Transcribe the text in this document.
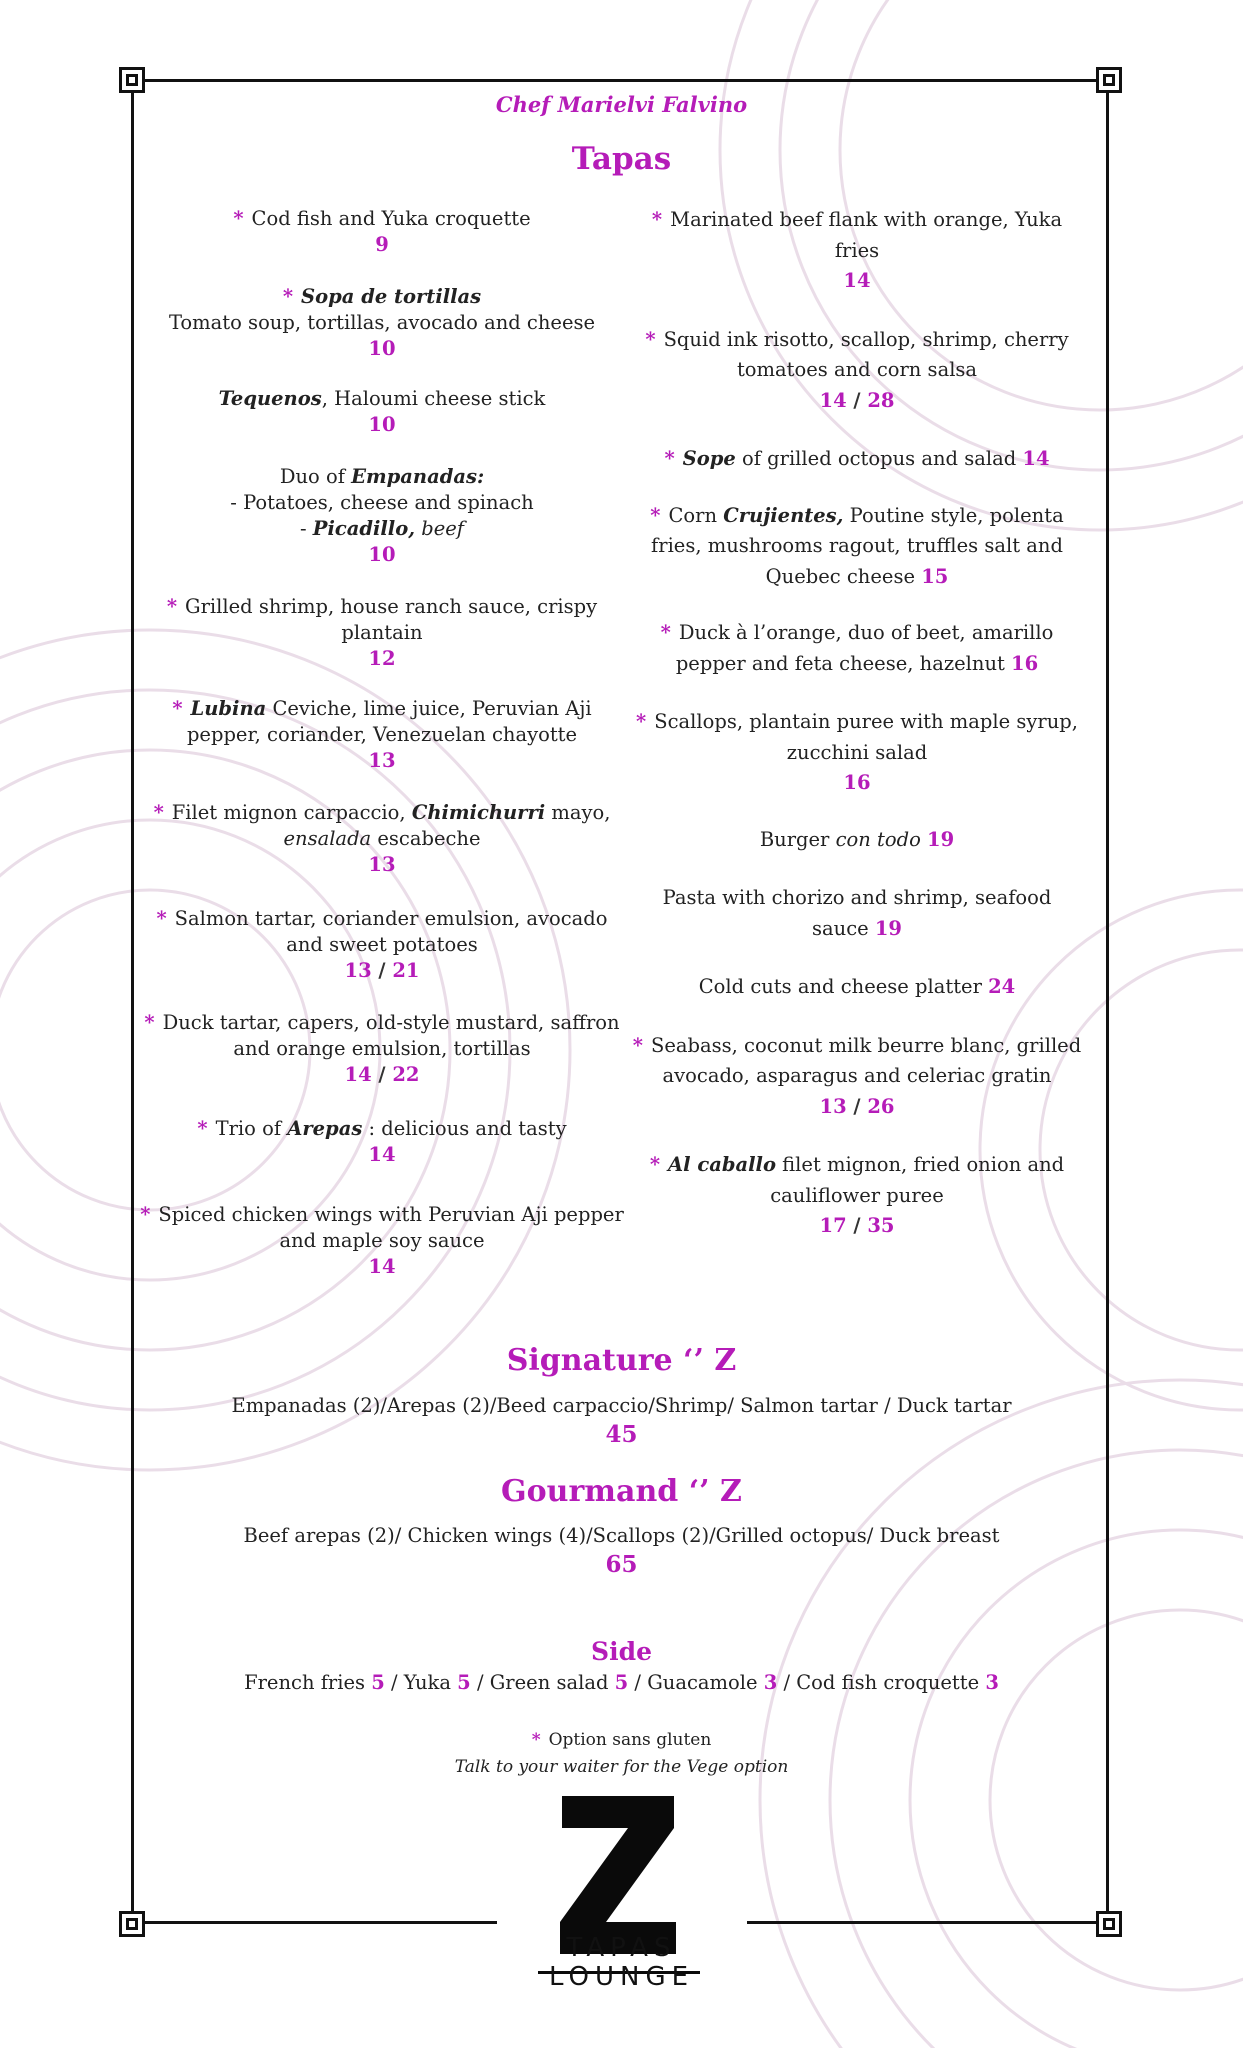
Chef Marielvi Falvino
Tapas
* Cod fish and Yuka croquette
9
* Sopa de tortillas
Tomato soup, tortillas, avocado and cheese
10
Tequenos, Haloumi cheese stick
10
Duo of Empanadas:
- Potatoes, cheese and spinach
- Picadillo, beef
10
* Grilled shrimp, house ranch sauce, crispy plantain
12
* Lubina Ceviche, lime juice, Peruvian Aji pepper, coriander, Venezuelan chayotte
13
* Filet mignon carpaccio, Chimichurri mayo,
ensalada escabeche
13
* Salmon tartar, coriander emulsion, avocado and sweet potatoes
13 / 21
* Duck tartar, capers, old-style mustard, saffron and orange emulsion, tortillas
14 / 22
* Trio of Arepas : delicious and tasty
14
* Spiced chicken wings with Peruvian Aji pepper and maple soy sauce
14
* Marinated beef flank with orange, Yuka fries
14
* Squid ink risotto, scallop, shrimp, cherry tomatoes and corn salsa
14 / 28
* Sope of grilled octopus and salad 14
* Corn Crujientes, Poutine style, polenta fries, mushrooms ragout, truffles salt and Quebec cheese 15
* Duck à l’orange, duo of beet, amarillo pepper and feta cheese, hazelnut 16
* Scallops, plantain puree with maple syrup, zucchini salad
16
Burger con todo 19
Pasta with chorizo and shrimp, seafood sauce 19
Cold cuts and cheese platter 24
* Seabass, coconut milk beurre blanc, grilled avocado, asparagus and celeriac gratin
13 / 26
* Al caballo filet mignon, fried onion and cauliflower puree
17 / 35
Signature ‘’ Z
Empanadas (2)/Arepas (2)/Beed carpaccio/Shrimp/ Salmon tartar / Duck tartar
45
Gourmand ‘’ Z
Beef arepas (2)/ Chicken wings (4)/Scallops (2)/Grilled octopus/ Duck breast
65
Side
French fries 5 / Yuka 5 / Green salad 5 / Guacamole 3 / Cod fish croquette 3
* Option sans gluten
Talk to your waiter for the Vege option
TAPAS
LOUNGE
